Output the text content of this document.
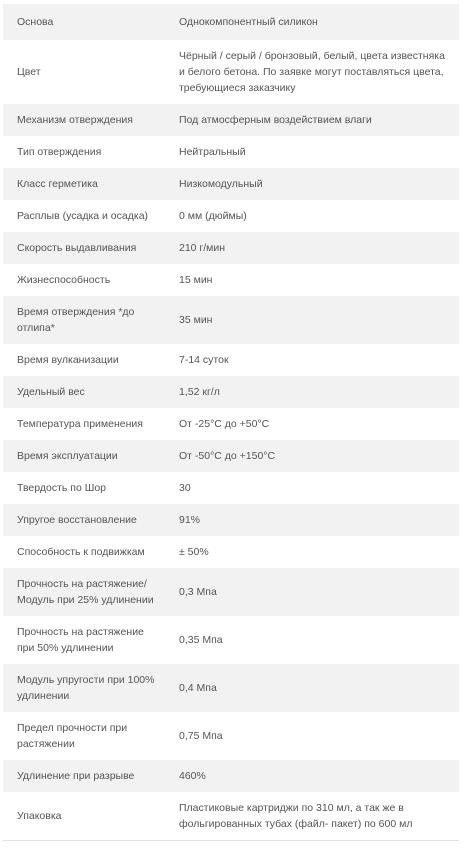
Основа	Однокомпонентный силикон
Цвет	Чёрный / серый / бронзовый, белый, цвета известняка и белого бетона. По заявке могут поставляться цвета, требующиеся заказчику
Механизм отверждения	Под атмосферным воздействием влаги
Тип отверждения	Нейтральный
Класс герметика	Низкомодульный
Расплыв (усадка и осадка)	0 мм (дюймы)
Скорость выдавливания	210 г/мин
Жизнеспособность	15 мин
Время отверждения *до отлипа*	35 мин
Время вулканизации	7-14 суток
Удельный вес	1,52 кг/л
Температура применения	От -25°C до +50°C
Время эксплуатации	От -50°C до +150°C
Твердость по Шор	30
Упругое восстановление	91%
Способность к подвижкам	± 50%
Прочность на растяжение/ Модуль при 25% удлинении	0,3 Мпа
Прочность на растяжение при 50% удлинении	0,35 Мпа
Модуль упругости при 100% удлинении	0,4 Мпа
Предел прочности при растяжении	0,75 Мпа
Удлинение при разрыве	460%
Упаковка	Пластиковые картриджи по 310 мл, а так же в фольгированных тубах (файл- пакет) по 600 мл
